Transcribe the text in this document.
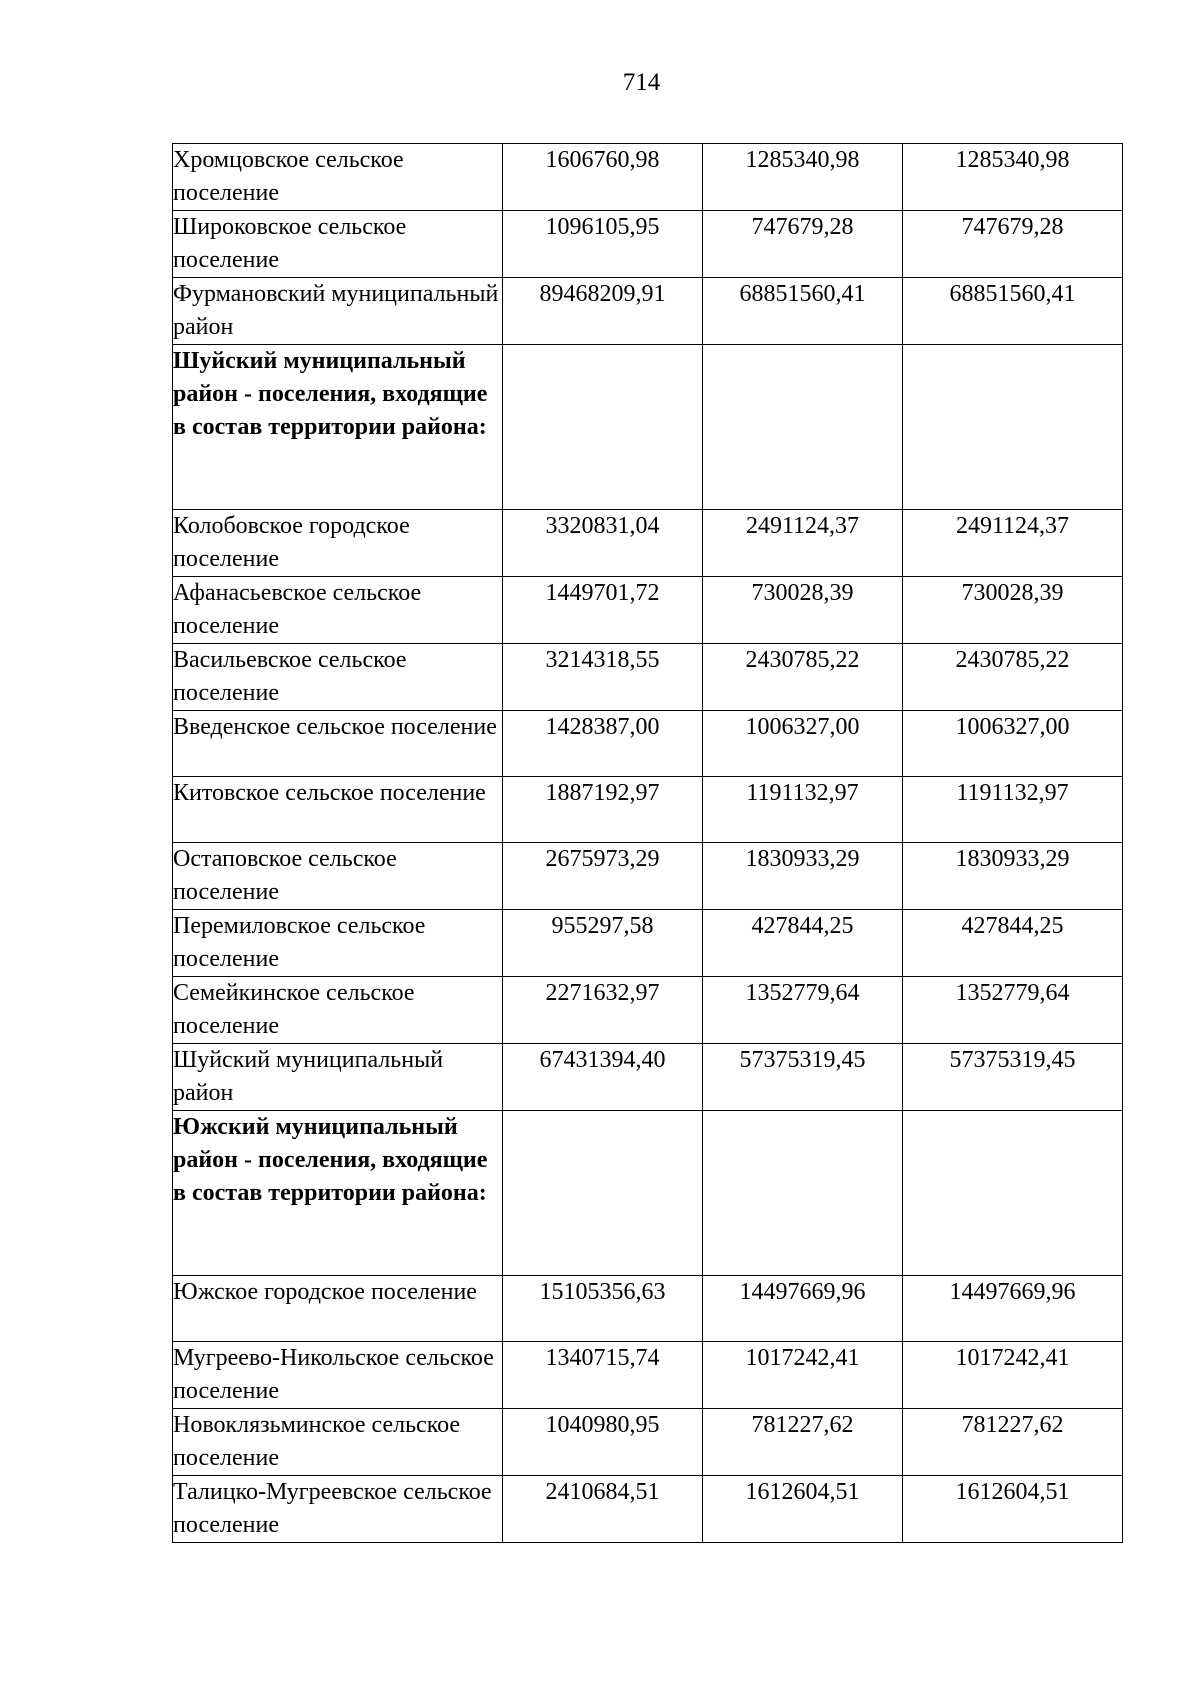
714
Хромцовское сельское поселение	1606760,98	1285340,98	1285340,98
Широковское сельское поселение	1096105,95	747679,28	747679,28
Фурмановский муниципальный район	89468209,91	68851560,41	68851560,41
Шуйский муниципальный район - поселения, входящие в состав территории района:			
Колобовское городское поселение	3320831,04	2491124,37	2491124,37
Афанасьевское сельское поселение	1449701,72	730028,39	730028,39
Васильевское сельское поселение	3214318,55	2430785,22	2430785,22
Введенское сельское поселение	1428387,00	1006327,00	1006327,00
Китовское сельское поселение	1887192,97	1191132,97	1191132,97
Остаповское сельское поселение	2675973,29	1830933,29	1830933,29
Перемиловское сельское поселение	955297,58	427844,25	427844,25
Семейкинское сельское поселение	2271632,97	1352779,64	1352779,64
Шуйский муниципальный район	67431394,40	57375319,45	57375319,45
Южский муниципальный район - поселения, входящие в состав территории района:			
Южское городское поселение	15105356,63	14497669,96	14497669,96
Мугреево-Никольское сельское поселение	1340715,74	1017242,41	1017242,41
Новоклязьминское сельское поселение	1040980,95	781227,62	781227,62
Талицко-Мугреевское сельское поселение	2410684,51	1612604,51	1612604,51
